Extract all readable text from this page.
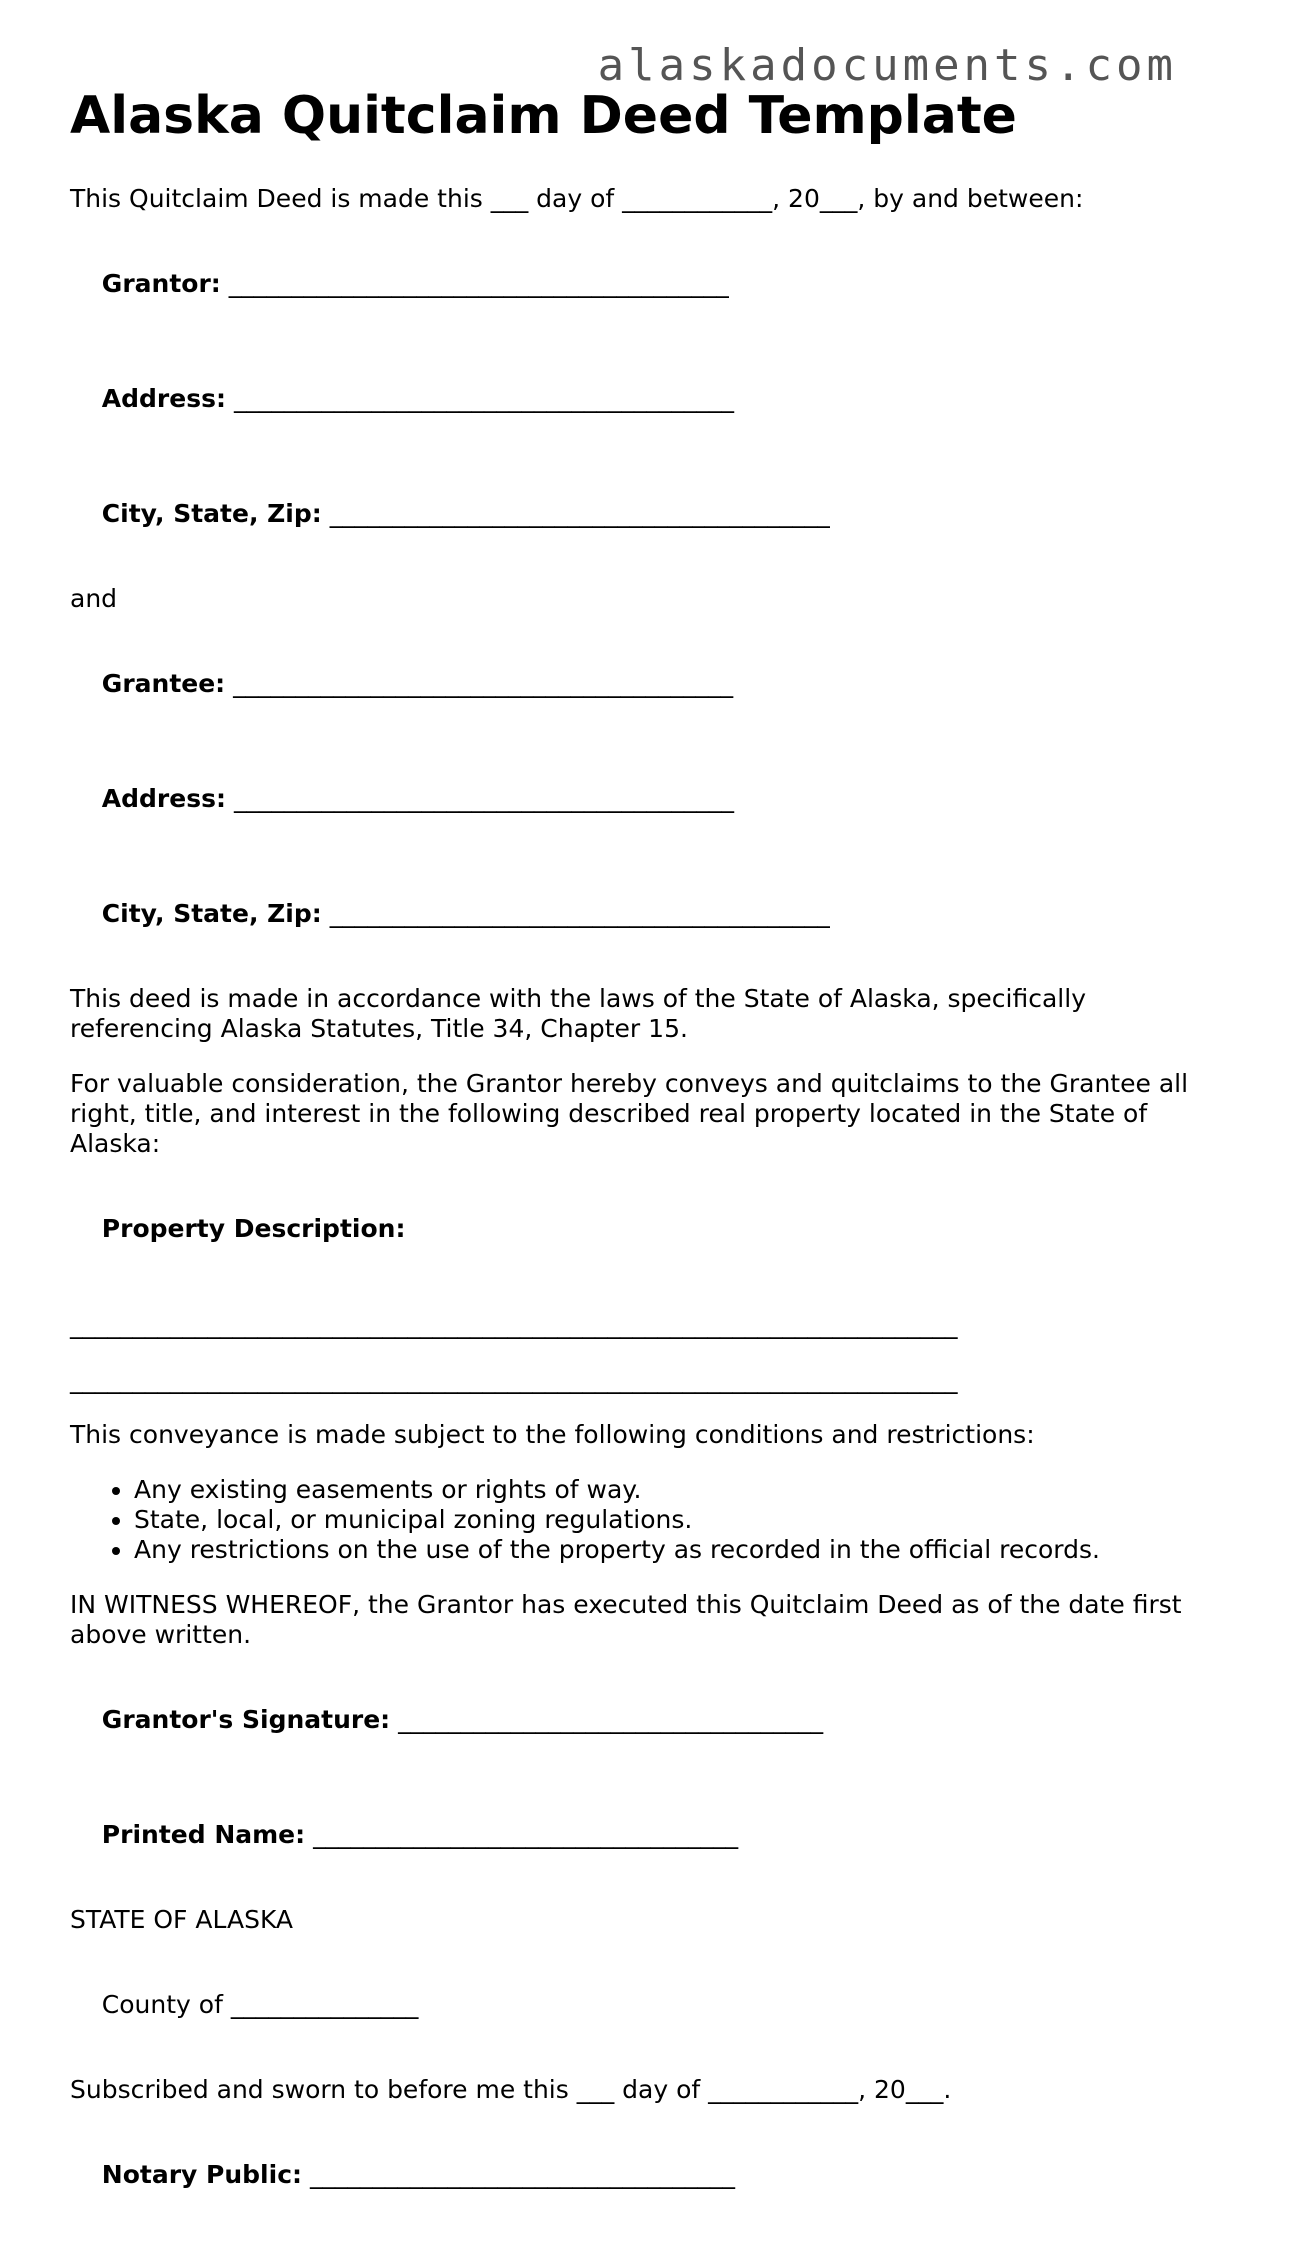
alaskadocuments.com
Alaska Quitclaim Deed Template

This Quitclaim Deed is made this ___ day of ____________, 20___, by and between:

Grantor: ________________________________________

Address: ________________________________________

City, State, Zip: ________________________________________

and

Grantee: ________________________________________

Address: ________________________________________

City, State, Zip: ________________________________________

This deed is made in accordance with the laws of the State of Alaska, specifically referencing Alaska Statutes, Title 34, Chapter 15.

For valuable consideration, the Grantor hereby conveys and quitclaims to the Grantee all right, title, and interest in the following described real property located in the State of Alaska:

Property Description:

_______________________________________________________________________
_______________________________________________________________________

This conveyance is made subject to the following conditions and restrictions:

• Any existing easements or rights of way.
• State, local, or municipal zoning regulations.
• Any restrictions on the use of the property as recorded in the official records.

IN WITNESS WHEREOF, the Grantor has executed this Quitclaim Deed as of the date first above written.

Grantor's Signature: __________________________________

Printed Name: __________________________________

STATE OF ALASKA

County of _______________

Subscribed and sworn to before me this ___ day of ____________, 20___.

Notary Public: __________________________________
